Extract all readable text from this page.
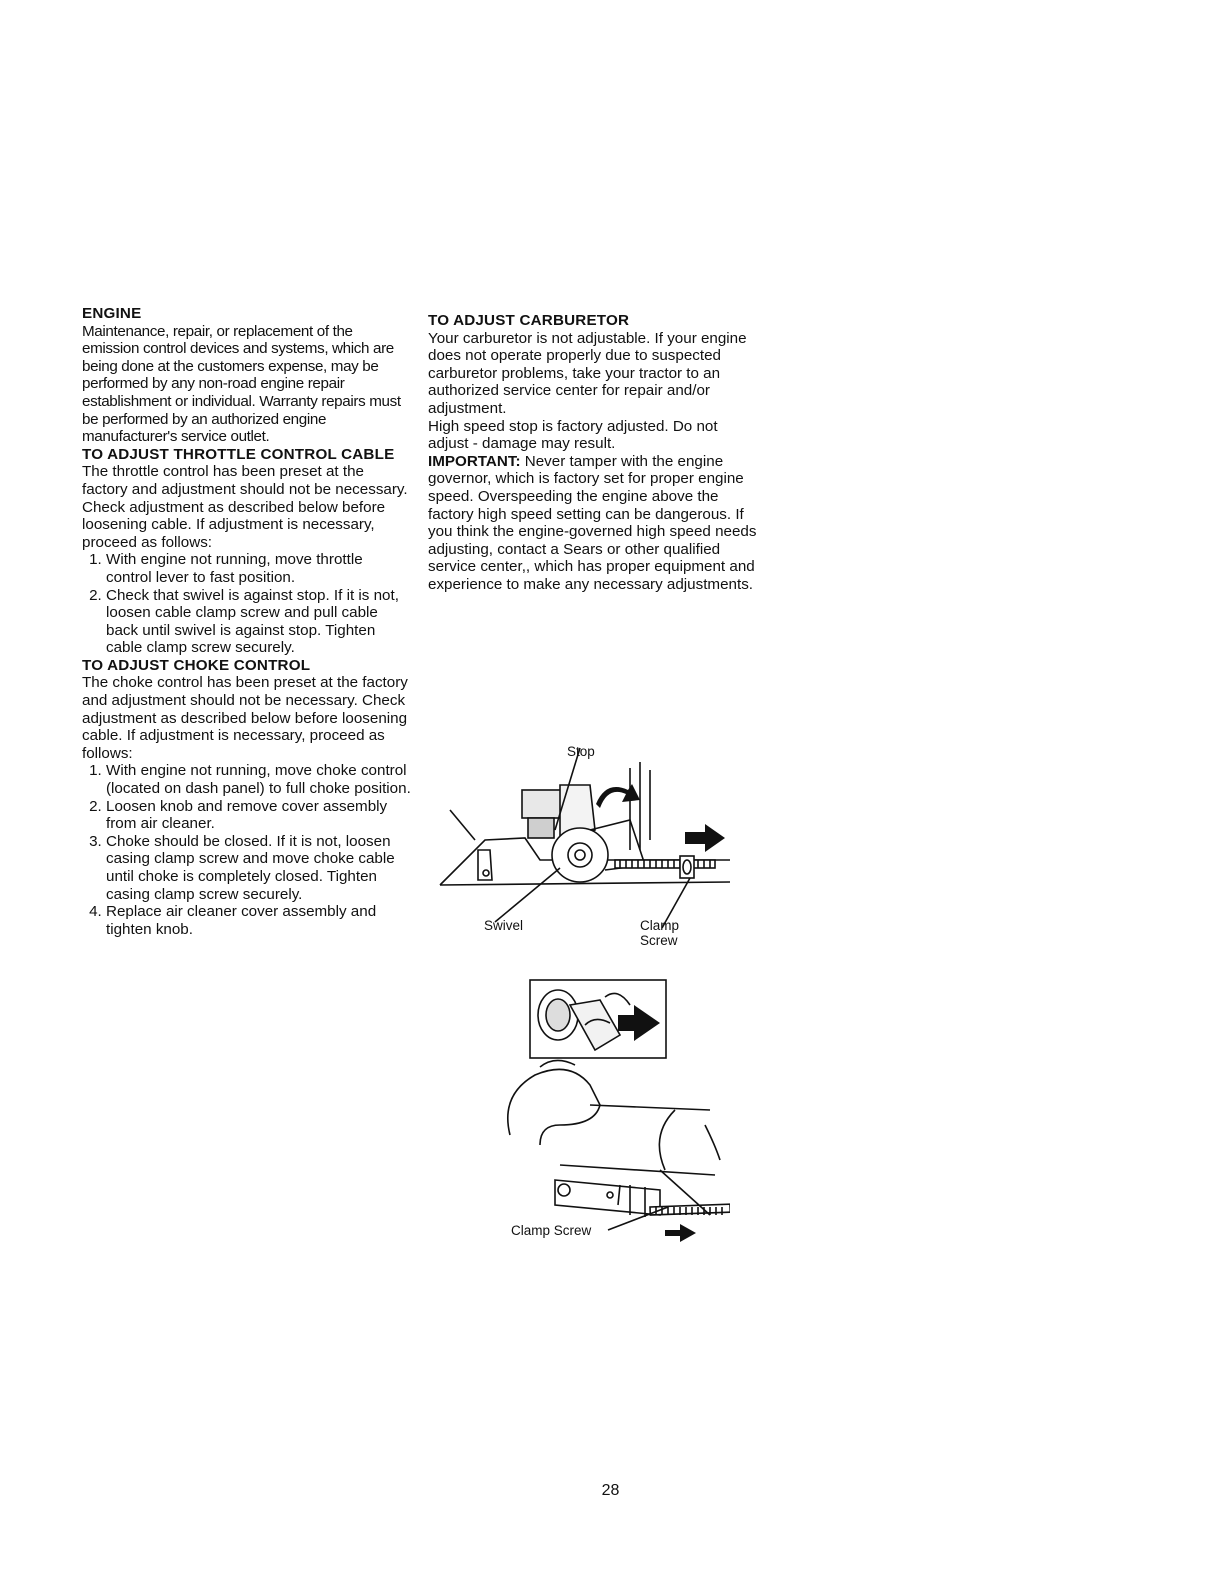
ENGINE

Maintenance, repair, or replacement of the emission control devices and systems, which are being done at the customers expense, may be performed by any non-road engine repair establishment or individual. Warranty repairs must be performed by an authorized engine manufacturer's service outlet.

TO ADJUST THROTTLE CONTROL CABLE

The throttle control has been preset at the factory and adjustment should not be necessary. Check adjustment as described below before loosening cable. If adjustment is necessary, proceed as follows:

1. With engine not running, move throttle control lever to fast position.
2. Check that swivel is against stop. If it is not, loosen cable clamp screw and pull cable back until swivel is against stop. Tighten cable clamp screw securely.
TO ADJUST CHOKE CONTROL

The choke control has been preset at the factory and adjustment should not be necessary. Check adjustment as described below before loosening cable. If adjustment is necessary, proceed as follows:

1. With engine not running, move choke control (located on dash panel) to full choke position.
2. Loosen knob and remove cover assembly from air cleaner.
3. Choke should be closed. If it is not, loosen casing clamp screw and move choke cable until choke is completely closed. Tighten casing clamp screw securely.
4. Replace air cleaner cover assembly and tighten knob.
TO ADJUST CARBURETOR

Your carburetor is not adjustable. If your engine does not operate properly due to suspected carburetor problems, take your tractor to an authorized service center for repair and/or adjustment.

High speed stop is factory adjusted. Do not adjust - damage may result.

IMPORTANT: Never tamper with the engine governor, which is factory set for proper engine speed. Overspeeding the engine above the factory high speed setting can be dangerous. If you think the engine-governed high speed needs adjusting, contact a Sears or other qualified service center,, which has proper equipment and experience to make any necessary adjustments.

Stop
Swivel	Clamp
Screw
Clamp Screw
28
